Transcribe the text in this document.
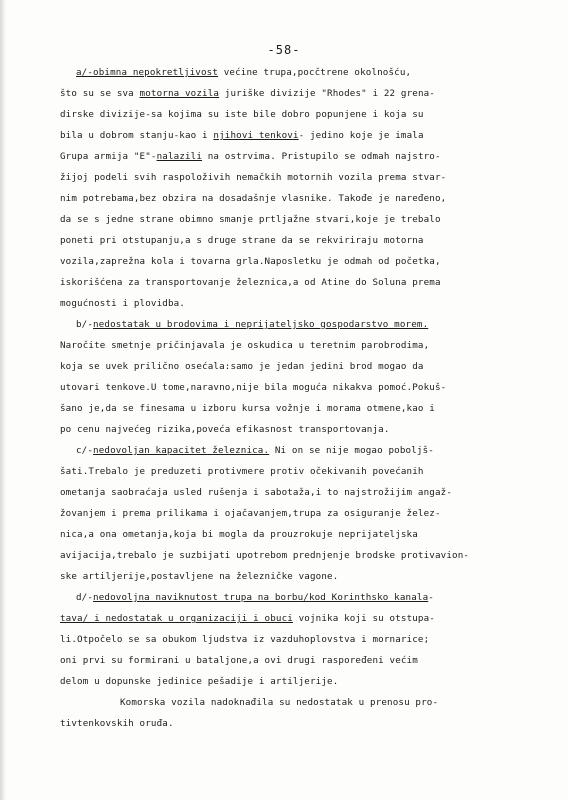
-58-
a/-obimna nepokretljivost većine trupa,pocčtrene okolnošću,
što su se sva motorna vozila juriške divizije "Rhodes" i 22 grena-
dirske divizije-sa kojima su iste bile dobro popunjene i koja su
bila u dobrom stanju-kao i njihovi tenkovi- jedino koje je imala
Grupa armija "E"-nalazili na ostrvima. Pristupilo se odmah najstro-
žijoj podeli svih raspoloživih nemačkih motornih vozila prema stvar-
nim potrebama,bez obzira na dosadašnje vlasnike. Takođe je naređeno,
da se s jedne strane obimno smanje prtljažne stvari,koje je trebalo
poneti pri otstupanju,a s druge strane da se rekviriraju motorna
vozila,zaprežna kola i tovarna grla.Naposletku je odmah od početka,
iskorišćena za transportovanje železnica,a od Atine do Soluna prema
mogućnosti i plovidba.
b/-nedostatak u brodovima i neprijateljsko gospodarstvo morem.
Naročite smetnje pričinjavala je oskudica u teretnim parobrodima,
koja se uvek prilično osećala:samo je jedan jedini brod mogao da
utovari tenkove.U tome,naravno,nije bila moguća nikakva pomoć.Pokuš-
šano je,da se finesama u izboru kursa vožnje i morama otmene,kao i
po cenu najvećeg rizika,poveća efikasnost transportovanja.
c/-nedovoljan kapacitet železnica. Ni on se nije mogao poboljš-
šati.Trebalo je preduzeti protivmere protiv očekivanih povećanih
ometanja saobraćaja usled rušenja i sabotaža,i to najstrožijim angaž-
žovanjem i prema prilikama i ojačavanjem,trupa za osiguranje želez-
nica,a ona ometanja,koja bi mogla da prouzrokuje neprijateljska
avijacija,trebalo je suzbijati upotrebom prednjenje brodske protivavion-
ske artiljerije,postavljene na železničke vagone.
d/-nedovoljna naviknutost trupa na borbu/kod Korinthsko kanala-
tava/ i nedostatak u organizaciji i obuci vojnika koji su otstupa-
li.Otpočelo se sa obukom ljudstva iz vazduhoplovstva i mornarice;
oni prvi su formirani u bataljone,a ovi drugi raspoređeni većim
delom u dopunske jedinice pešadije i artiljerije.
Komorska vozila nadoknađila su nedostatak u prenosu pro-
tivtenkovskih oruđa.
